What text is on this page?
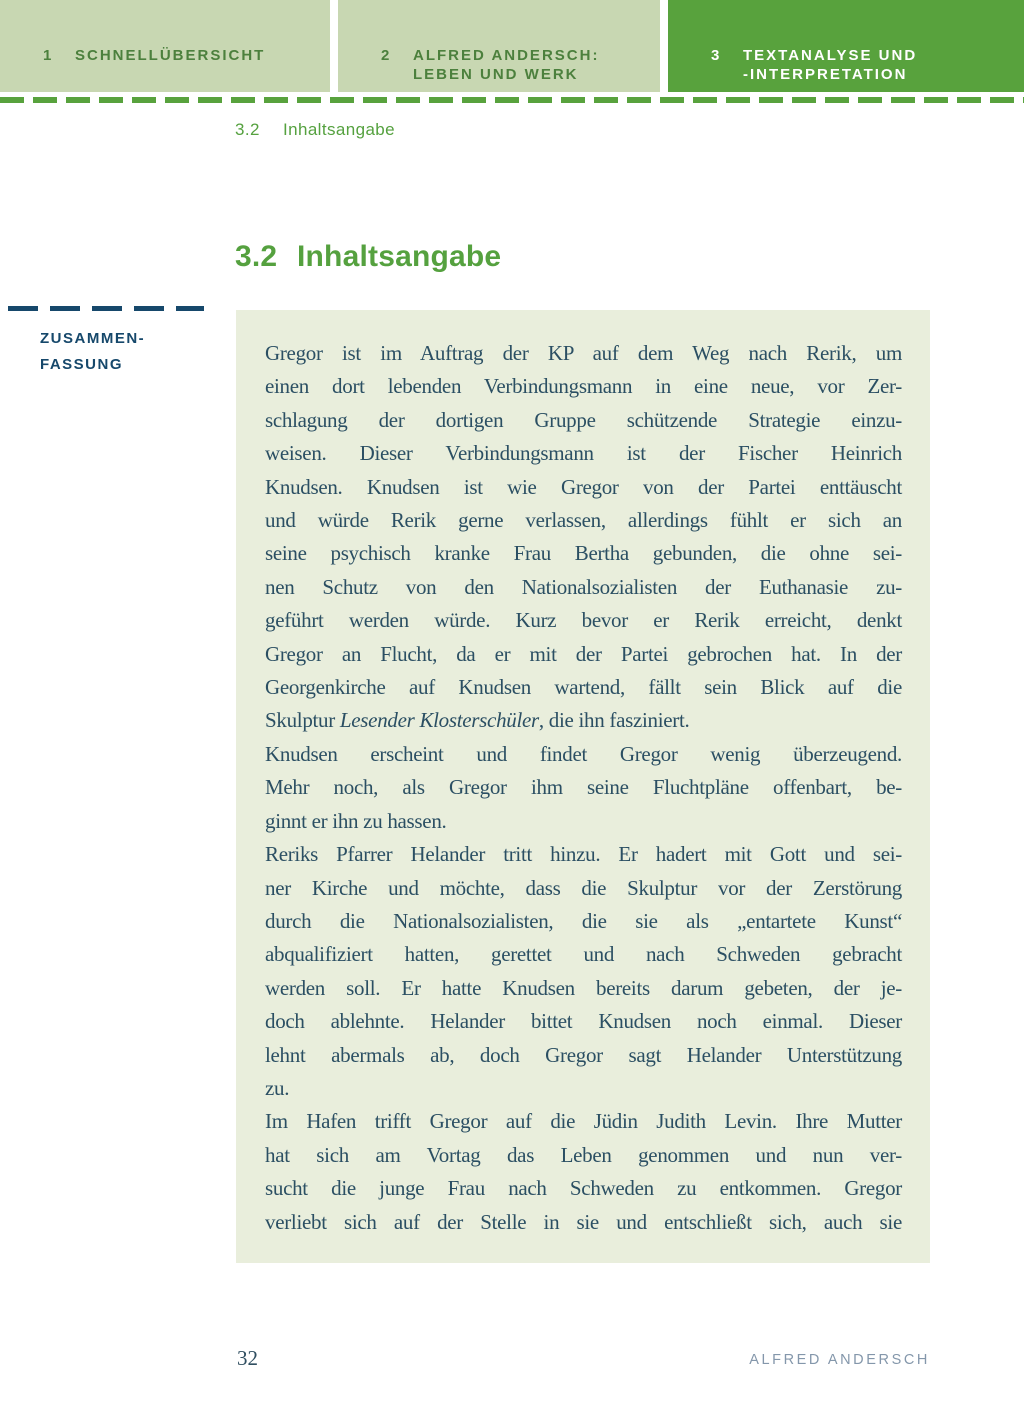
1	SCHNELLÜBERSICHT	2	ALFRED ANDERSCH:
LEBEN UND WERK
3	TEXTANALYSE UND
-INTERPRETATION
3.2 Inhaltsangabe
3.2 Inhaltsangabe
ZUSAMMEN-
FASSUNG	Gregor ist im Auftrag der KP auf dem Weg nach Rerik, um
einen dort lebenden Verbindungsmann in eine neue, vor Zer-
schlagung der dortigen Gruppe schützende Strategie einzu-
weisen. Dieser Verbindungsmann ist der Fischer Heinrich
Knudsen. Knudsen ist wie Gregor von der Partei enttäuscht
und würde Rerik gerne verlassen, allerdings fühlt er sich an
seine psychisch kranke Frau Bertha gebunden, die ohne sei-
nen Schutz von den Nationalsozialisten der Euthanasie zu-
geführt werden würde. Kurz bevor er Rerik erreicht, denkt
Gregor an Flucht, da er mit der Partei gebrochen hat. In der
Georgenkirche auf Knudsen wartend, fällt sein Blick auf die
Skulptur Lesender Klosterschüler, die ihn fasziniert.
Knudsen erscheint und findet Gregor wenig überzeugend.
Mehr noch, als Gregor ihm seine Fluchtpläne offenbart, be-
ginnt er ihn zu hassen.
Reriks Pfarrer Helander tritt hinzu. Er hadert mit Gott und sei-
ner Kirche und möchte, dass die Skulptur vor der Zerstörung
durch die Nationalsozialisten, die sie als „entartete Kunst“
abqualifiziert hatten, gerettet und nach Schweden gebracht
werden soll. Er hatte Knudsen bereits darum gebeten, der je-
doch ablehnte. Helander bittet Knudsen noch einmal. Dieser
lehnt abermals ab, doch Gregor sagt Helander Unterstützung
zu.
Im Hafen trifft Gregor auf die Jüdin Judith Levin. Ihre Mutter
hat sich am Vortag das Leben genommen und nun ver-
sucht die junge Frau nach Schweden zu entkommen. Gregor
verliebt sich auf der Stelle in sie und entschließt sich, auch sie
32	ALFRED ANDERSCH
